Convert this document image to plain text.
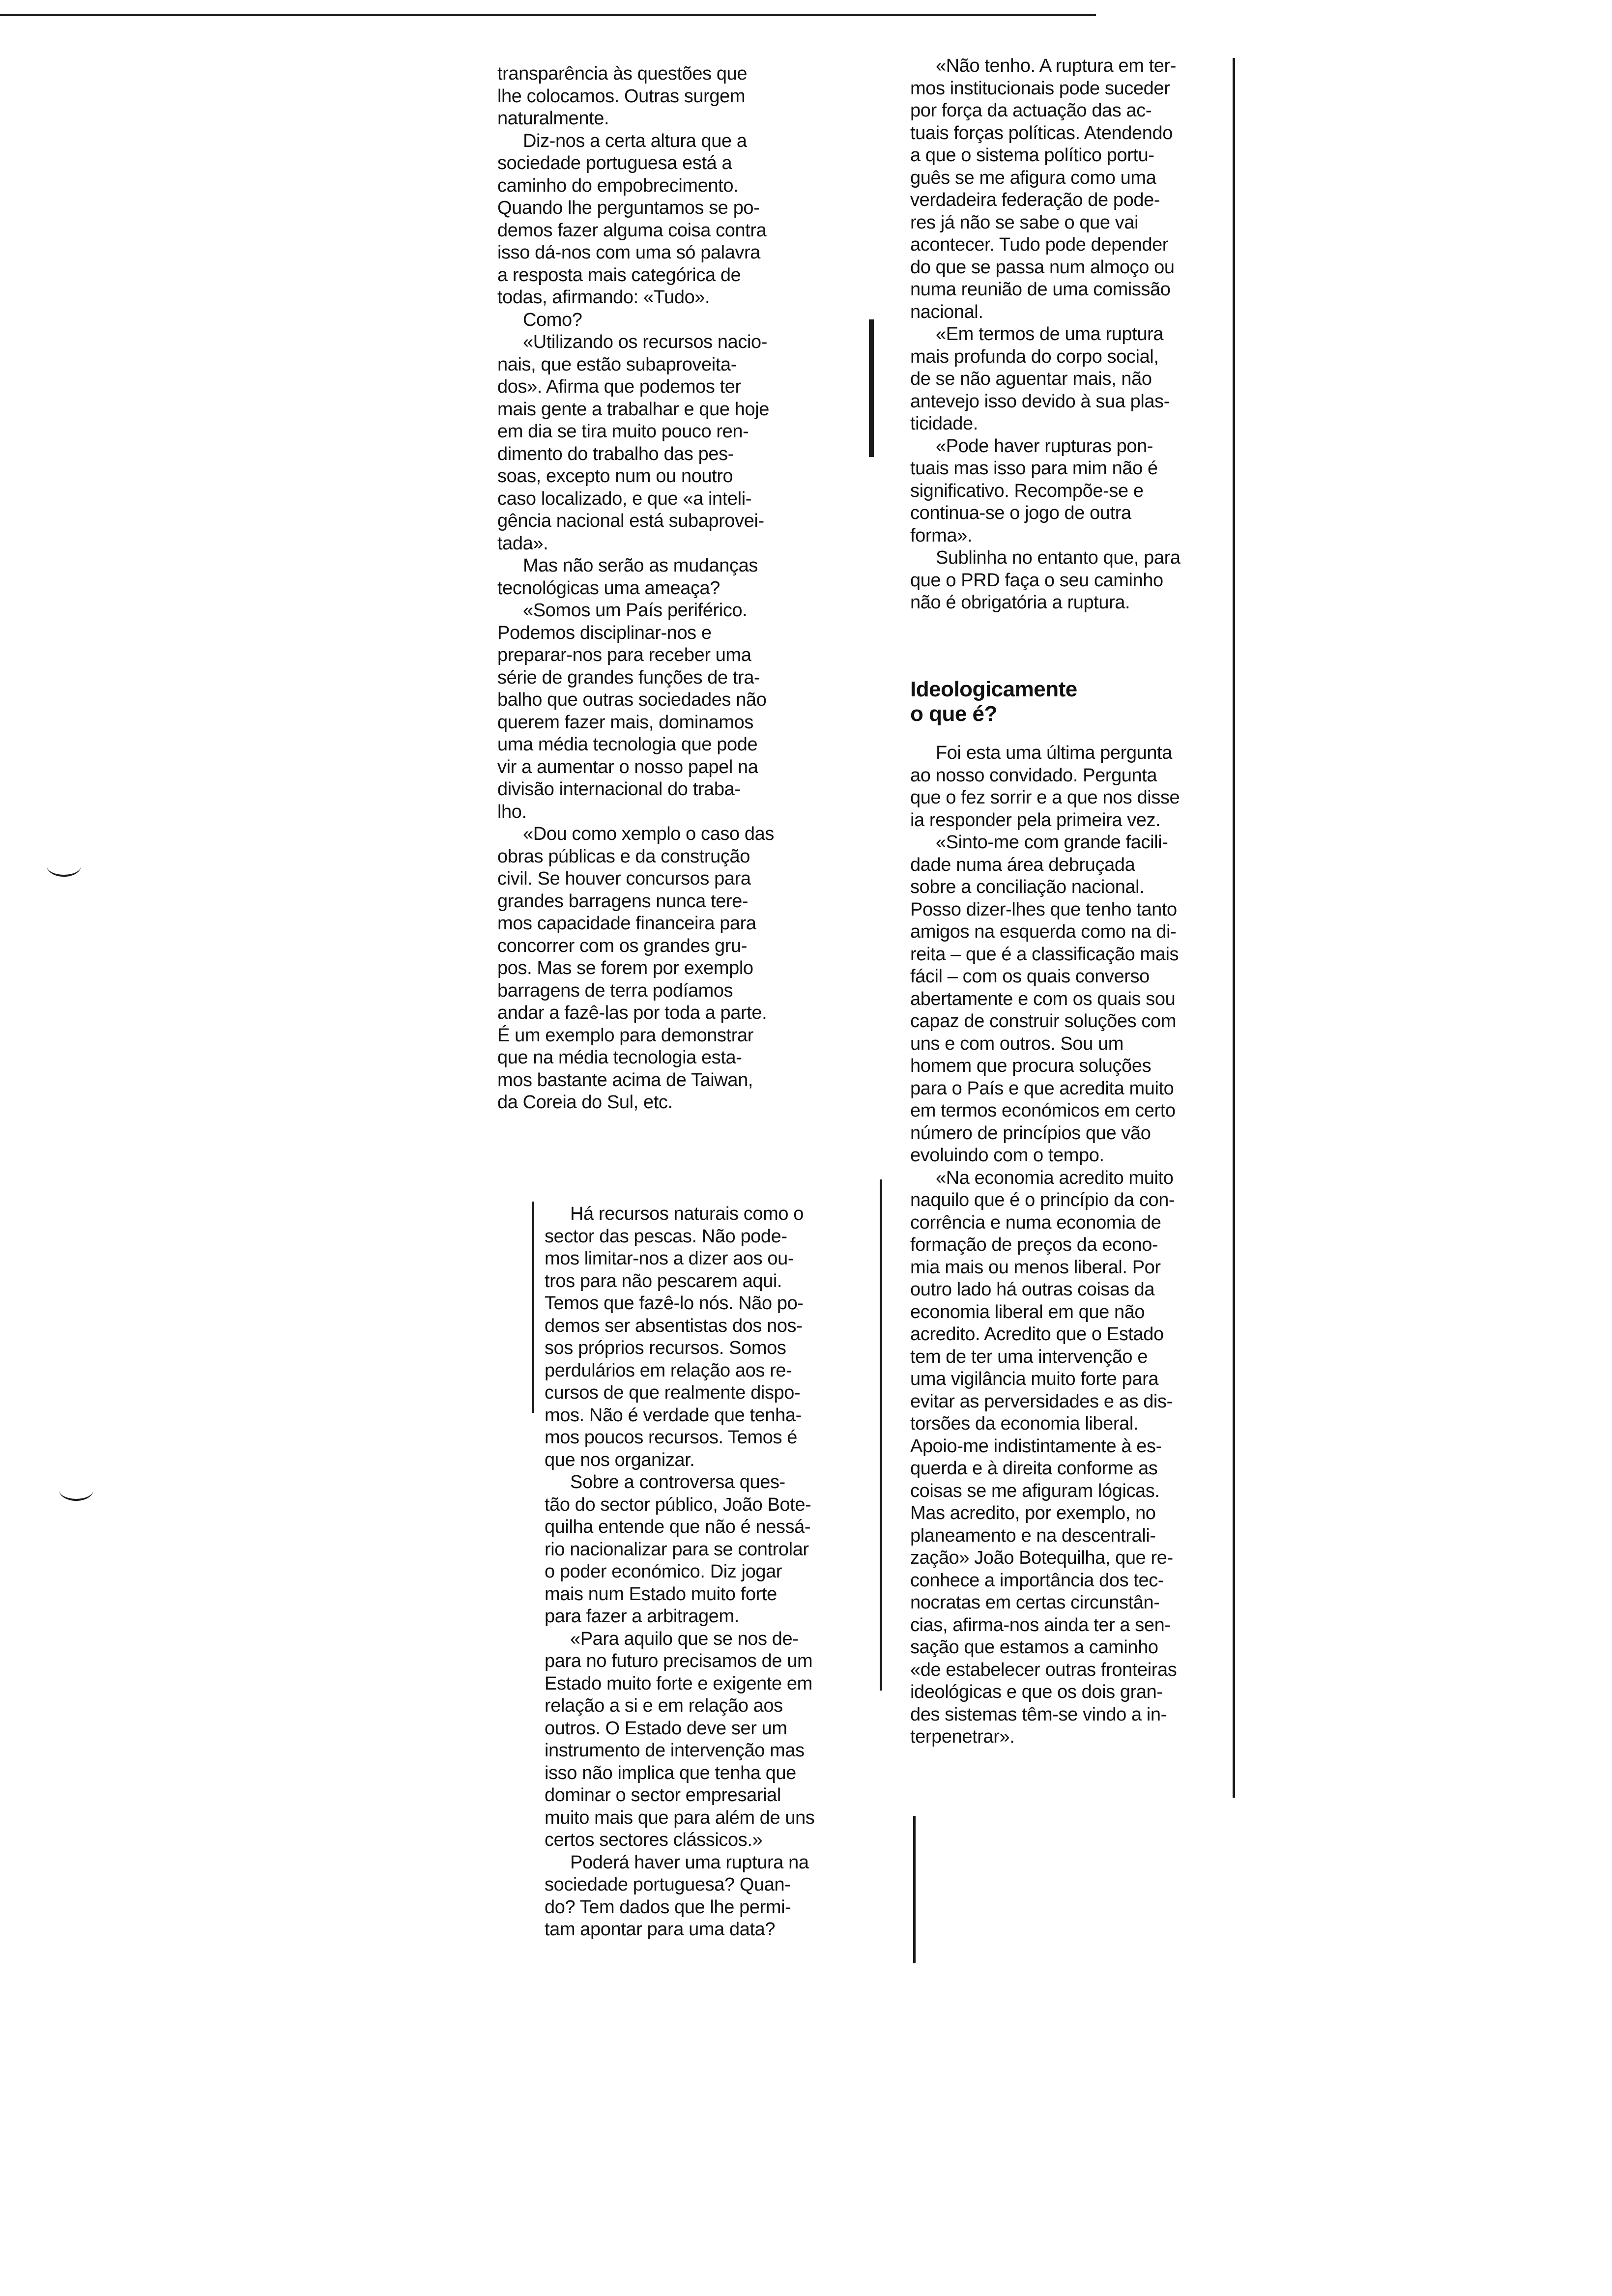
transparência às questões que
lhe colocamos. Outras surgem
naturalmente.

Diz-nos a certa altura que a
sociedade portuguesa está a
caminho do empobrecimento.
Quando lhe perguntamos se po-
demos fazer alguma coisa contra
isso dá-nos com uma só palavra
a resposta mais categórica de
todas, afirmando: «Tudo».

Como?

«Utilizando os recursos nacio-
nais, que estão subaproveita-
dos». Afirma que podemos ter
mais gente a trabalhar e que hoje
em dia se tira muito pouco ren-
dimento do trabalho das pes-
soas, excepto num ou noutro
caso localizado, e que «a inteli-
gência nacional está subaprovei-
tada».

Mas não serão as mudanças
tecnológicas uma ameaça?

«Somos um País periférico.
Podemos disciplinar-nos e
preparar-nos para receber uma
série de grandes funções de tra-
balho que outras sociedades não
querem fazer mais, dominamos
uma média tecnologia que pode
vir a aumentar o nosso papel na
divisão internacional do traba-
lho.

«Dou como xemplo o caso das
obras públicas e da construção
civil. Se houver concursos para
grandes barragens nunca tere-
mos capacidade financeira para
concorrer com os grandes gru-
pos. Mas se forem por exemplo
barragens de terra podíamos
andar a fazê-las por toda a parte.
É um exemplo para demonstrar
que na média tecnologia esta-
mos bastante acima de Taiwan,
da Coreia do Sul, etc.

Há recursos naturais como o
sector das pescas. Não pode-
mos limitar-nos a dizer aos ou-
tros para não pescarem aqui.
Temos que fazê-lo nós. Não po-
demos ser absentistas dos nos-
sos próprios recursos. Somos
perdulários em relação aos re-
cursos de que realmente dispo-
mos. Não é verdade que tenha-
mos poucos recursos. Temos é
que nos organizar.

Sobre a controversa ques-
tão do sector público, João Bote-
quilha entende que não é nessá-
rio nacionalizar para se controlar
o poder económico. Diz jogar
mais num Estado muito forte
para fazer a arbitragem.

«Para aquilo que se nos de-
para no futuro precisamos de um
Estado muito forte e exigente em
relação a si e em relação aos
outros. O Estado deve ser um
instrumento de intervenção mas
isso não implica que tenha que
dominar o sector empresarial
muito mais que para além de uns
certos sectores clássicos.»

Poderá haver uma ruptura na
sociedade portuguesa? Quan-
do? Tem dados que lhe permi-
tam apontar para uma data?

«Não tenho. A ruptura em ter-
mos institucionais pode suceder
por força da actuação das ac-
tuais forças políticas. Atendendo
a que o sistema político portu-
guês se me afigura como uma
verdadeira federação de pode-
res já não se sabe o que vai
acontecer. Tudo pode depender
do que se passa num almoço ou
numa reunião de uma comissão
nacional.

«Em termos de uma ruptura
mais profunda do corpo social,
de se não aguentar mais, não
antevejo isso devido à sua plas-
ticidade.

«Pode haver rupturas pon-
tuais mas isso para mim não é
significativo. Recompõe-se e
continua-se o jogo de outra
forma».

Sublinha no entanto que, para
que o PRD faça o seu caminho
não é obrigatória a ruptura.

Ideologicamente
o que é?

Foi esta uma última pergunta
ao nosso convidado. Pergunta
que o fez sorrir e a que nos disse
ia responder pela primeira vez.

«Sinto-me com grande facili-
dade numa área debruçada
sobre a conciliação nacional.
Posso dizer-lhes que tenho tanto
amigos na esquerda como na di-
reita – que é a classificação mais
fácil – com os quais converso
abertamente e com os quais sou
capaz de construir soluções com
uns e com outros. Sou um
homem que procura soluções
para o País e que acredita muito
em termos económicos em certo
número de princípios que vão
evoluindo com o tempo.

«Na economia acredito muito
naquilo que é o princípio da con-
corrência e numa economia de
formação de preços da econo-
mia mais ou menos liberal. Por
outro lado há outras coisas da
economia liberal em que não
acredito. Acredito que o Estado
tem de ter uma intervenção e
uma vigilância muito forte para
evitar as perversidades e as dis-
torsões da economia liberal.
Apoio-me indistintamente à es-
querda e à direita conforme as
coisas se me afiguram lógicas.
Mas acredito, por exemplo, no
planeamento e na descentrali-
zação» João Botequilha, que re-
conhece a importância dos tec-
nocratas em certas circunstân-
cias, afirma-nos ainda ter a sen-
sação que estamos a caminho
«de estabelecer outras fronteiras
ideológicas e que os dois gran-
des sistemas têm-se vindo a in-
terpenetrar».
